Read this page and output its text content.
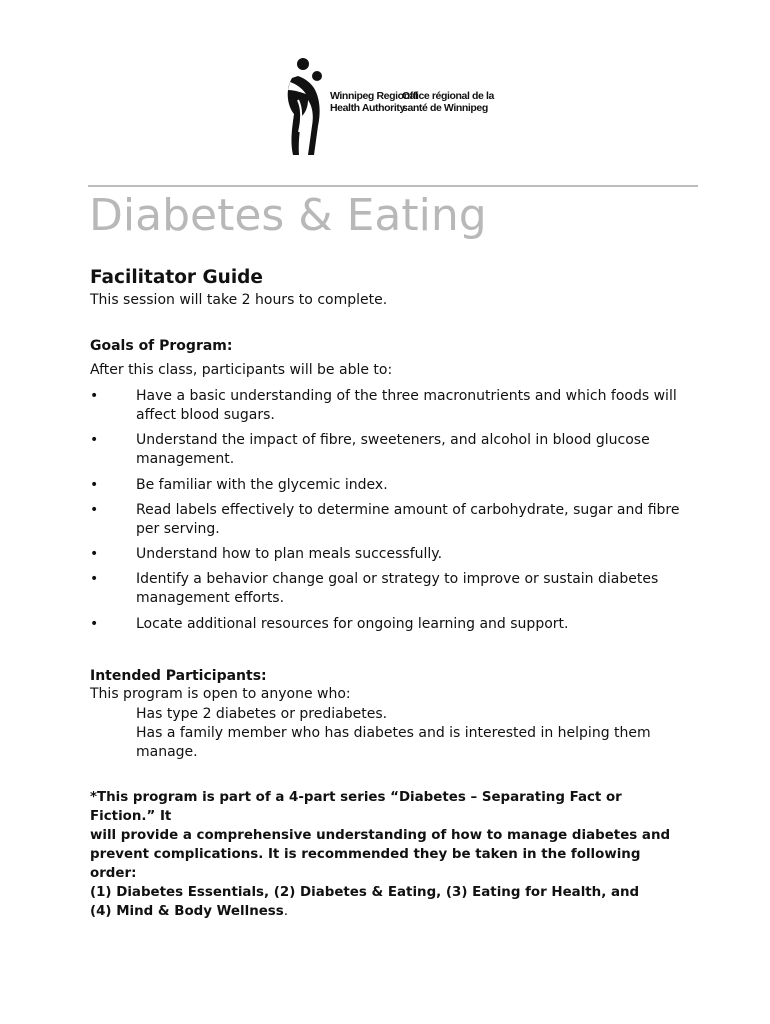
Winnipeg Regional
Health Authority
Office régional de la
santé de Winnipeg
Diabetes & Eating
Facilitator Guide
This session will take 2 hours to complete.
Goals of Program:
After this class, participants will be able to:
•	Have a basic understanding of the three macronutrients and which foods will affect blood sugars.
•	Understand the impact of fibre, sweeteners, and alcohol in blood glucose management.
•	Be familiar with the glycemic index.
•	Read labels effectively to determine amount of carbohydrate, sugar and fibre per serving.
•	Understand how to plan meals successfully.
•	Identify a behavior change goal or strategy to improve or sustain diabetes management efforts.
•	Locate additional resources for ongoing learning and support.
Intended Participants:
This program is open to anyone who:
Has type 2 diabetes or prediabetes.
Has a family member who has diabetes and is interested in helping them
manage.
*This program is part of a 4-part series “Diabetes – Separating Fact or Fiction.” It
will provide a comprehensive understanding of how to manage diabetes and
prevent complications. It is recommended they be taken in the following order:
(1) Diabetes Essentials, (2) Diabetes & Eating, (3) Eating for Health, and
(4) Mind & Body Wellness.
